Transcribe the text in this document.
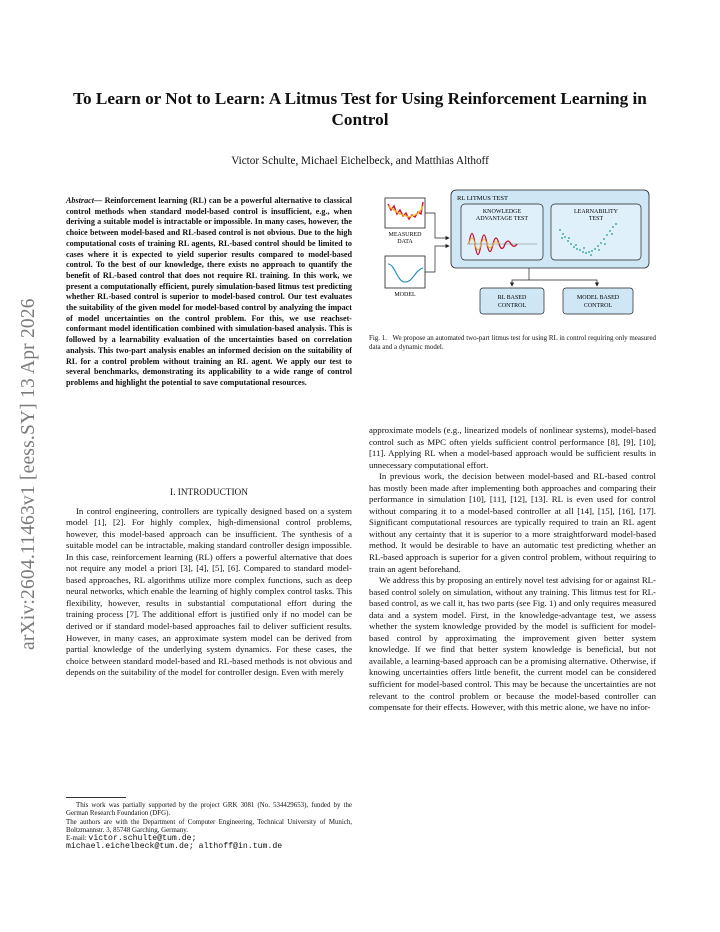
arXiv:2604.11463v1 [eess.SY] 13 Apr 2026
To Learn or Not to Learn: A Litmus Test for Using Reinforcement Learning in Control
Victor Schulte, Michael Eichelbeck, and Matthias Althoff
Abstract— Reinforcement learning (RL) can be a powerful alternative to classical control methods when standard model-based control is insufficient, e.g., when deriving a suitable model is intractable or impossible. In many cases, however, the choice between model-based and RL-based control is not obvious. Due to the high computational costs of training RL agents, RL-based control should be limited to cases where it is expected to yield superior results compared to model-based control. To the best of our knowledge, there exists no approach to quantify the benefit of RL-based control that does not require RL training. In this work, we present a computationally efficient, purely simulation-based litmus test predicting whether RL-based control is superior to model-based control. Our test evaluates the suitability of the given model for model-based control by analyzing the impact of model uncertainties on the control problem. For this, we use reachset-conformant model identification combined with simulation-based analysis. This is followed by a learnability evaluation of the uncertainties based on correlation analysis. This two-part analysis enables an informed decision on the suitability of RL for a control problem without training an RL agent. We apply our test to several benchmarks, demonstrating its applicability to a wide range of control problems and highlight the potential to save computational resources.
I. INTRODUCTION

In control engineering, controllers are typically designed based on a system model [1], [2]. For highly complex, high-dimensional control problems, however, this model-based approach can be insufficient. The synthesis of a suitable model can be intractable, making standard controller design impossible. In this case, reinforcement learning (RL) offers a powerful alternative that does not require any model a priori [3], [4], [5], [6]. Compared to standard model-based approaches, RL algorithms utilize more complex functions, such as deep neural networks, which enable the learning of highly complex control tasks. This flexibility, however, results in substantial computational effort during the training process [7]. The additional effort is justified only if no model can be derived or if standard model-based approaches fail to deliver sufficient results. However, in many cases, an approximate system model can be derived from partial knowledge of the underlying system dynamics. For these cases, the choice between standard model-based and RL-based methods is not obvious and depends on the suitability of the model for controller design. Even with merely

This work was partially supported by the project GRK 3081 (No. 534429653), funded by the German Research Foundation (DFG).

The authors are with the Department of Computer Engineering, Technical University of Munich, Boltzmannstr. 3, 85748 Garching, Germany.

E-mail: victor.schulte@tum.de;
michael.eichelbeck@tum.de; althoff@in.tum.de
MEASURED
DATA
MODEL
RL LITMUS TEST
KNOWLEDGE
ADVANTAGE TEST
LEARNABILITY
TEST
RL BASED
CONTROL
MODEL BASED
CONTROL
Fig. 1. We propose an automated two-part litmus test for using RL in control requiring only measured data and a dynamic model.

approximate models (e.g., linearized models of nonlinear systems), model-based control such as MPC often yields sufficient control performance [8], [9], [10], [11]. Applying RL when a model-based approach would be sufficient results in unnecessary computational effort.

In previous work, the decision between model-based and RL-based control has mostly been made after implementing both approaches and comparing their performance in simulation [10], [11], [12], [13]. RL is even used for control without comparing it to a model-based controller at all [14], [15], [16], [17]. Significant computational resources are typically required to train an RL agent without any certainty that it is superior to a more straightforward model-based method. It would be desirable to have an automatic test predicting whether an RL-based approach is superior for a given control problem, without requiring to train an agent beforehand.

We address this by proposing an entirely novel test advising for or against RL-based control solely on simulation, without any training. This litmus test for RL-based control, as we call it, has two parts (see Fig. 1) and only requires measured data and a system model. First, in the knowledge-advantage test, we assess whether the system knowledge provided by the model is sufficient for model-based control by approximating the improvement given better system knowledge. If we find that better system knowledge is beneficial, but not available, a learning-based approach can be a promising alternative. Otherwise, if knowing uncertainties offers little benefit, the current model can be considered sufficient for model-based control. This may be because the uncertainties are not relevant to the control problem or because the model-based controller can compensate for their effects. However, with this metric alone, we have no infor-
